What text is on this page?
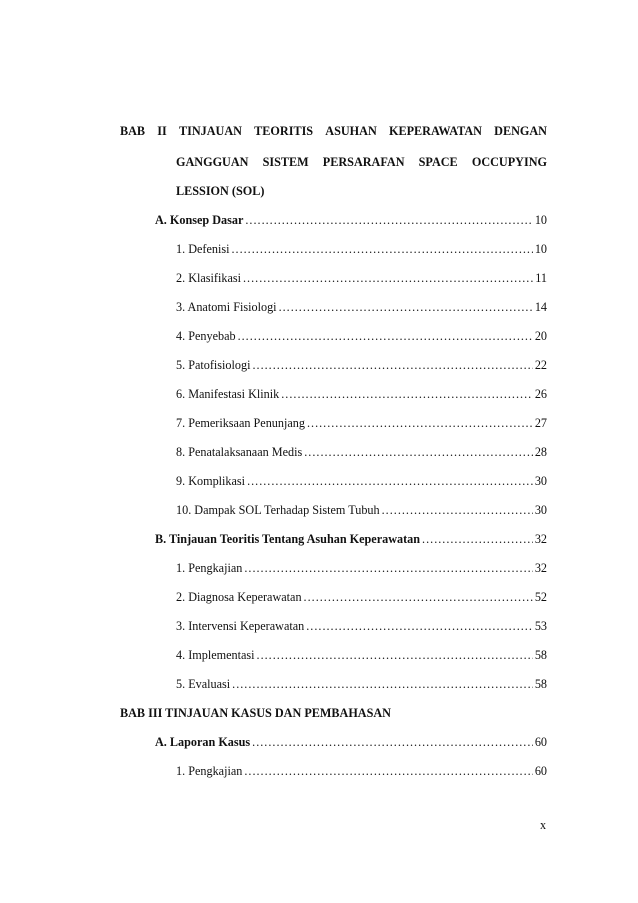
BAB II TINJAUAN TEORITIS ASUHAN KEPERAWATAN DENGAN
GANGGUAN SISTEM PERSARAFAN SPACE OCCUPYING
LESSION (SOL)
A. Konsep Dasar .....	10
1. Defenisi .....	10
2. Klasifikasi .....	11
3. Anatomi Fisiologi .....	14
4. Penyebab .....	20
5. Patofisiologi .....	22
6. Manifestasi Klinik .....	26
7. Pemeriksaan Penunjang .....	27
8. Penatalaksanaan Medis .....	28
9. Komplikasi .....	30
10. Dampak SOL Terhadap Sistem Tubuh .....	30
B. Tinjauan Teoritis Tentang Asuhan Keperawatan .....	32
1. Pengkajian .....	32
2. Diagnosa Keperawatan .....	52
3. Intervensi Keperawatan .....	53
4. Implementasi .....	58
5. Evaluasi .....	58
BAB III TINJAUAN KASUS DAN PEMBAHASAN
A. Laporan Kasus .....	60
1. Pengkajian .....	60
x
